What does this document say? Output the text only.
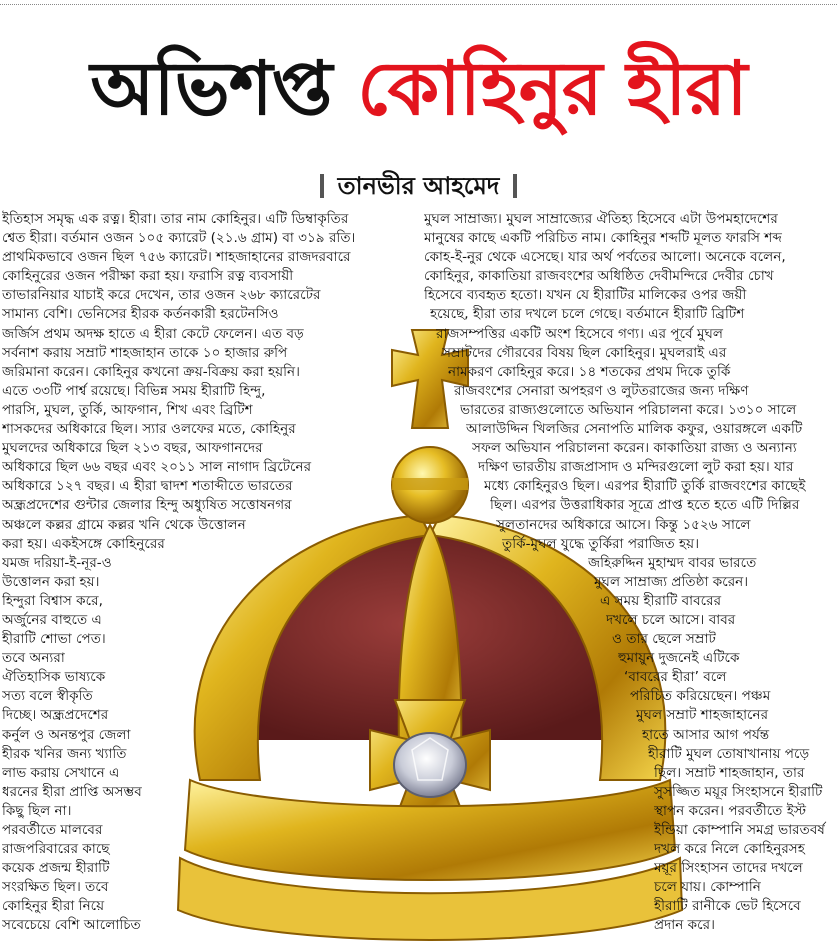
অভিশপ্ত কোহিনুর হীরা
তানভীর আহমেদ
ইতিহাস সমৃদ্ধ এক রত্ন। হীরা। তার নাম কোহিনুর। এটি ডিম্বাকৃতির
শ্বেত হীরা। বর্তমান ওজন ১০৫ ক্যারেট (২১.৬ গ্রাম) বা ৩১৯ রতি।
প্রাথমিকভাবে ওজন ছিল ৭৫৬ ক্যারেট। শাহজাহানের রাজদরবারে
কোহিনুরের ওজন পরীক্ষা করা হয়। ফরাসি রত্ন ব্যবসায়ী
তাভারনিয়ার যাচাই করে দেখেন, তার ওজন ২৬৮ ক্যারেটের
সামান্য বেশি। ভেনিসের হীরক কর্তনকারী হরটেনসিও
জর্জিস প্রথম অদক্ষ হাতে এ হীরা কেটে ফেলেন। এত বড়
সর্বনাশ করায় সম্রাট শাহজাহান তাকে ১০ হাজার রুপি
জরিমানা করেন। কোহিনুর কখনো ক্রয়-বিক্রয় করা হয়নি।
এতে ৩৩টি পার্শ্ব রয়েছে। বিভিন্ন সময় হীরাটি হিন্দু,
পারসি, মুঘল, তুর্কি, আফগান, শিখ এবং ব্রিটিশ
শাসকদের অধিকারে ছিল। স্যার ওলফের মতে, কোহিনুর
মুঘলদের অধিকারে ছিল ২১৩ বছর, আফগানদের
অধিকারে ছিল ৬৬ বছর এবং ২০১১ সাল নাগাদ ব্রিটেনের
অধিকারে ১২৭ বছর। এ হীরা দ্বাদশ শতাব্দীতে ভারতের
অন্ধ্রপ্রদেশের গুন্টার জেলার হিন্দু অধ্যুষিত সত্তোষনগর
অঞ্চলে কল্লর গ্রামে কল্লর খনি থেকে উত্তোলন
করা হয়। একইসঙ্গে কোহিনুরের
যমজ দরিয়া-ই-নূর-ও
উত্তোলন করা হয়।
হিন্দুরা বিশ্বাস করে,
অর্জুনের বাহুতে এ
হীরাটি শোভা পেত।
তবে অন্যরা
ঐতিহাসিক ভাষ্যকে
সত্য বলে স্বীকৃতি
দিচ্ছে। অন্ধ্রপ্রদেশের
কর্নুল ও অনন্তপুর জেলা
হীরক খনির জন্য খ্যাতি
লাভ করায় সেখানে এ
ধরনের হীরা প্রাপ্তি অসম্ভব
কিছু ছিল না।
পরবর্তীতে মালবের
রাজপরিবারের কাছে
কয়েক প্রজন্ম হীরাটি
সংরক্ষিত ছিল। তবে
কোহিনুর হীরা নিয়ে
সবেচেয়ে বেশি আলোচিত
মুঘল সাম্রাজ্য। মুঘল সাম্রাজ্যের ঐতিহ্য হিসেবে এটা উপমহাদেশের
মানুষের কাছে একটি পরিচিত নাম। কোহিনুর শব্দটি মূলত ফারসি শব্দ
কোহ-ই-নুর থেকে এসেছে। যার অর্থ পর্বতের আলো। অনেকে বলেন,
কোহিনুর, কাকাতিয়া রাজবংশের অধিষ্ঠিত দেবীমন্দিরে দেবীর চোখ
হিসেবে ব্যবহৃত হতো। যখন যে হীরাটির মালিকের ওপর জয়ী
হয়েছে, হীরা তার দখলে চলে গেছে। বর্তমানে হীরাটি ব্রিটিশ
রাজসম্পত্তির একটি অংশ হিসেবে গণ্য। এর পূর্বে মুঘল
সম্রাটদের গৌরবের বিষয় ছিল কোহিনুর। মুঘলরাই এর
নামকরণ কোহিনুর করে। ১৪ শতকের প্রথম দিকে তুর্কি
রাজবংশের সেনারা অপহরণ ও লুটতরাজের জন্য দক্ষিণ
ভারতের রাজ্যগুলোতে অভিযান পরিচালনা করে। ১৩১০ সালে
আলাউদ্দিন খিলজির সেনাপতি মালিক কফুর, ওয়ারঙ্গলে একটি
সফল অভিযান পরিচালনা করেন। কাকাতিয়া রাজ্য ও অন্যান্য
দক্ষিণ ভারতীয় রাজপ্রাসাদ ও মন্দিরগুলো লুট করা হয়। যার
মধ্যে কোহিনুরও ছিল। এরপর হীরাটি তুর্কি রাজবংশের কাছেই
ছিল। এরপর উত্তরাধিকার সূত্রে প্রাপ্ত হতে হতে এটি দিল্লির
সুলতানদের অধিকারে আসে। কিন্তু ১৫২৬ সালে
তুর্কি-মুঘল যুদ্ধে তুর্কিরা পরাজিত হয়।
জহিরুদ্দিন মুহাম্মদ বাবর ভারতে
মুঘল সাম্রাজ্য প্রতিষ্ঠা করেন।
এ সময় হীরাটি বাবরের
দখলে চলে আসে। বাবর
ও তার ছেলে সম্রাট
হুমায়ুন দুজনেই এটিকে
‘বাবরের হীরা’ বলে
পরিচিত করিয়েছেন। পঞ্চম
মুঘল সম্রাট শাহজাহানের
হাতে আসার আগ পর্যন্ত
হীরাটি মুঘল তোষাখানায় পড়ে
ছিল। সম্রাট শাহজাহান, তার
সুসজ্জিত ময়ূর সিংহাসনে হীরাটি
স্থাপন করেন। পরবর্তীতে ইস্ট
ইন্ডিয়া কোম্পানি সমগ্র ভারতবর্ষ
দখল করে নিলে কোহিনুরসহ
ময়ূর সিংহাসন তাদের দখলে
চলে যায়। কোম্পানি
হীরাটি রানীকে ভেট হিসেবে
প্রদান করে।
